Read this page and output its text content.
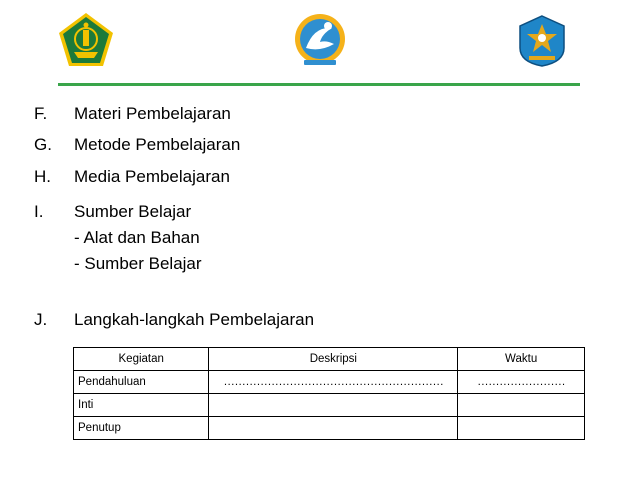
F. Materi Pembelajaran
G. Metode Pembelajaran
H. Media Pembelajaran
I. Sumber Belajar
- Alat dan Bahan
- Sumber Belajar
J. Langkah-langkah Pembelajaran
Kegiatan	Deskripsi	Waktu
Pendahuluan	……………………………………………………	……………………
Inti		
Penutup		
